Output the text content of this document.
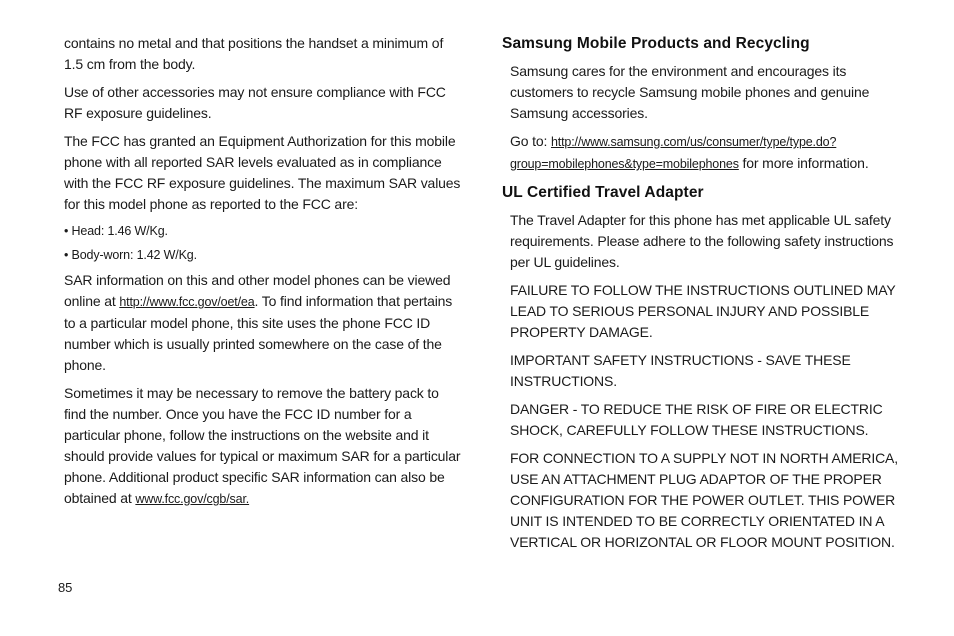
contains no metal and that positions the handset a minimum of 1.5 cm from the body.

Use of other accessories may not ensure compliance with FCC RF exposure guidelines.

The FCC has granted an Equipment Authorization for this mobile phone with all reported SAR levels evaluated as in compliance with the FCC RF exposure guidelines. The maximum SAR values for this model phone as reported to the FCC are:

• Head: 1.46 W/Kg.

• Body-worn: 1.42 W/Kg.

SAR information on this and other model phones can be viewed online at http://www.fcc.gov/oet/ea. To find information that pertains to a particular model phone, this site uses the phone FCC ID number which is usually printed somewhere on the case of the phone.

Sometimes it may be necessary to remove the battery pack to find the number. Once you have the FCC ID number for a particular phone, follow the instructions on the website and it should provide values for typical or maximum SAR for a particular phone. Additional product specific SAR information can also be obtained at www.fcc.gov/cgb/sar.

Samsung Mobile Products and Recycling

Samsung cares for the environment and encourages its customers to recycle Samsung mobile phones and genuine Samsung accessories.

Go to: http://www.samsung.com/us/consumer/type/type.do?group=mobilephones&type=mobilephones for more information.

UL Certified Travel Adapter

The Travel Adapter for this phone has met applicable UL safety requirements. Please adhere to the following safety instructions per UL guidelines.

FAILURE TO FOLLOW THE INSTRUCTIONS OUTLINED MAY LEAD TO SERIOUS PERSONAL INJURY AND POSSIBLE PROPERTY DAMAGE.

IMPORTANT SAFETY INSTRUCTIONS - SAVE THESE INSTRUCTIONS.

DANGER - TO REDUCE THE RISK OF FIRE OR ELECTRIC SHOCK, CAREFULLY FOLLOW THESE INSTRUCTIONS.

FOR CONNECTION TO A SUPPLY NOT IN NORTH AMERICA, USE AN ATTACHMENT PLUG ADAPTOR OF THE PROPER CONFIGURATION FOR THE POWER OUTLET. THIS POWER UNIT IS INTENDED TO BE CORRECTLY ORIENTATED IN A VERTICAL OR HORIZONTAL OR FLOOR MOUNT POSITION.

85
